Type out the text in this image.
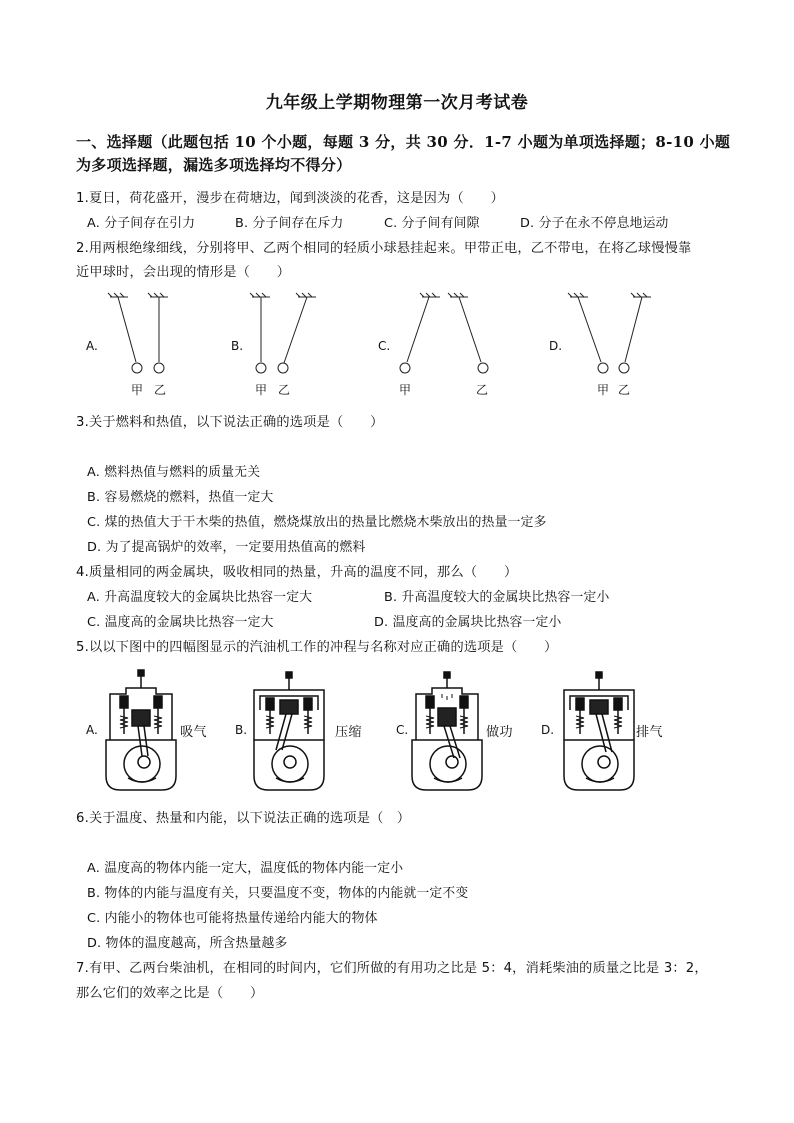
九年级上学期物理第一次月考试卷
一、选择题（此题包括 10 个小题，每题 3 分，共 30 分．1-7 小题为单项选择题；8-10 小题
为多项选择题，漏选多项选择均不得分）
1.夏日，荷花盛开，漫步在荷塘边，闻到淡淡的花香，这是因为（　　）
A. 分子间存在引力	B. 分子间存在斥力	C. 分子间有间隙	D. 分子在永不停息地运动
2.用两根绝缘细线，分别将甲、乙两个相同的轻质小球悬挂起来。甲带正电，乙不带电，在将乙球慢慢靠
近甲球时，会出现的情形是（　　）
A.
甲 乙
B.
甲 乙
C.
甲	乙
D.
甲 乙
3.关于燃料和热值，以下说法正确的选项是（　　）
A. 燃料热值与燃料的质量无关
B. 容易燃烧的燃料，热值一定大
C. 煤的热值大于干木柴的热值，燃烧煤放出的热量比燃烧木柴放出的热量一定多
D. 为了提高锅炉的效率，一定要用热值高的燃料
4.质量相同的两金属块，吸收相同的热量，升高的温度不同，那么（　　）
A. 升高温度较大的金属块比热容一定大	B. 升高温度较大的金属块比热容一定小
C. 温度高的金属块比热容一定大	D. 温度高的金属块比热容一定小
5.以以下图中的四幅图显示的汽油机工作的冲程与名称对应正确的选项是（　　）
A.	吸气 B.	压缩	C.	做功 D.	排气
6.关于温度、热量和内能，以下说法正确的选项是（　）
A. 温度高的物体内能一定大，温度低的物体内能一定小
B. 物体的内能与温度有关，只要温度不变，物体的内能就一定不变
C. 内能小的物体也可能将热量传递给内能大的物体
D. 物体的温度越高，所含热量越多
7.有甲、乙两台柴油机，在相同的时间内，它们所做的有用功之比是 5：4，消耗柴油的质量之比是 3：2，
那么它们的效率之比是（　　）
